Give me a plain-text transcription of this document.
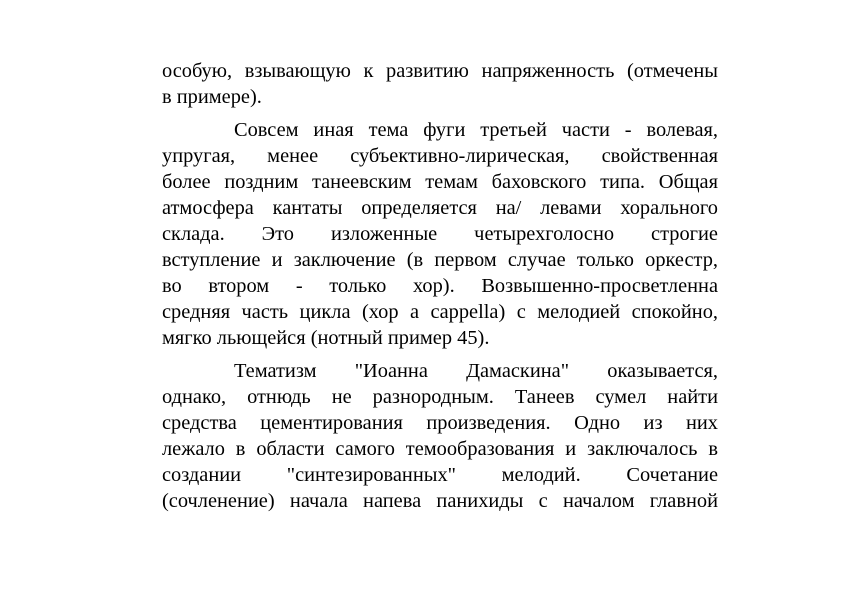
особую, взывающую к развитию напряженность (отмечены
в примере).

Совсем иная тема фуги третьей части - волевая,
упругая, менее субъективно-лирическая, свойственная
более поздним танеевским темам баховского типа. Общая
атмосфера кантаты определяется на/ левами хорального
склада. Это изложенные четырехголосно строгие
вступление и заключение (в первом случае только оркестр,
во втором - только хор). Возвышенно-просветленна
средняя часть цикла (хор а cappella) с мелодией спокойно,
мягко льющейся (нотный пример 45).

Тематизм "Иоанна Дамаскина" оказывается,
однако, отнюдь не разнородным. Танеев сумел найти
средства цементирования произведения. Одно из них
лежало в области самого темообразования и заключалось в
создании "синтезированных" мелодий. Сочетание
(сочленение) начала напева панихиды с началом главной
